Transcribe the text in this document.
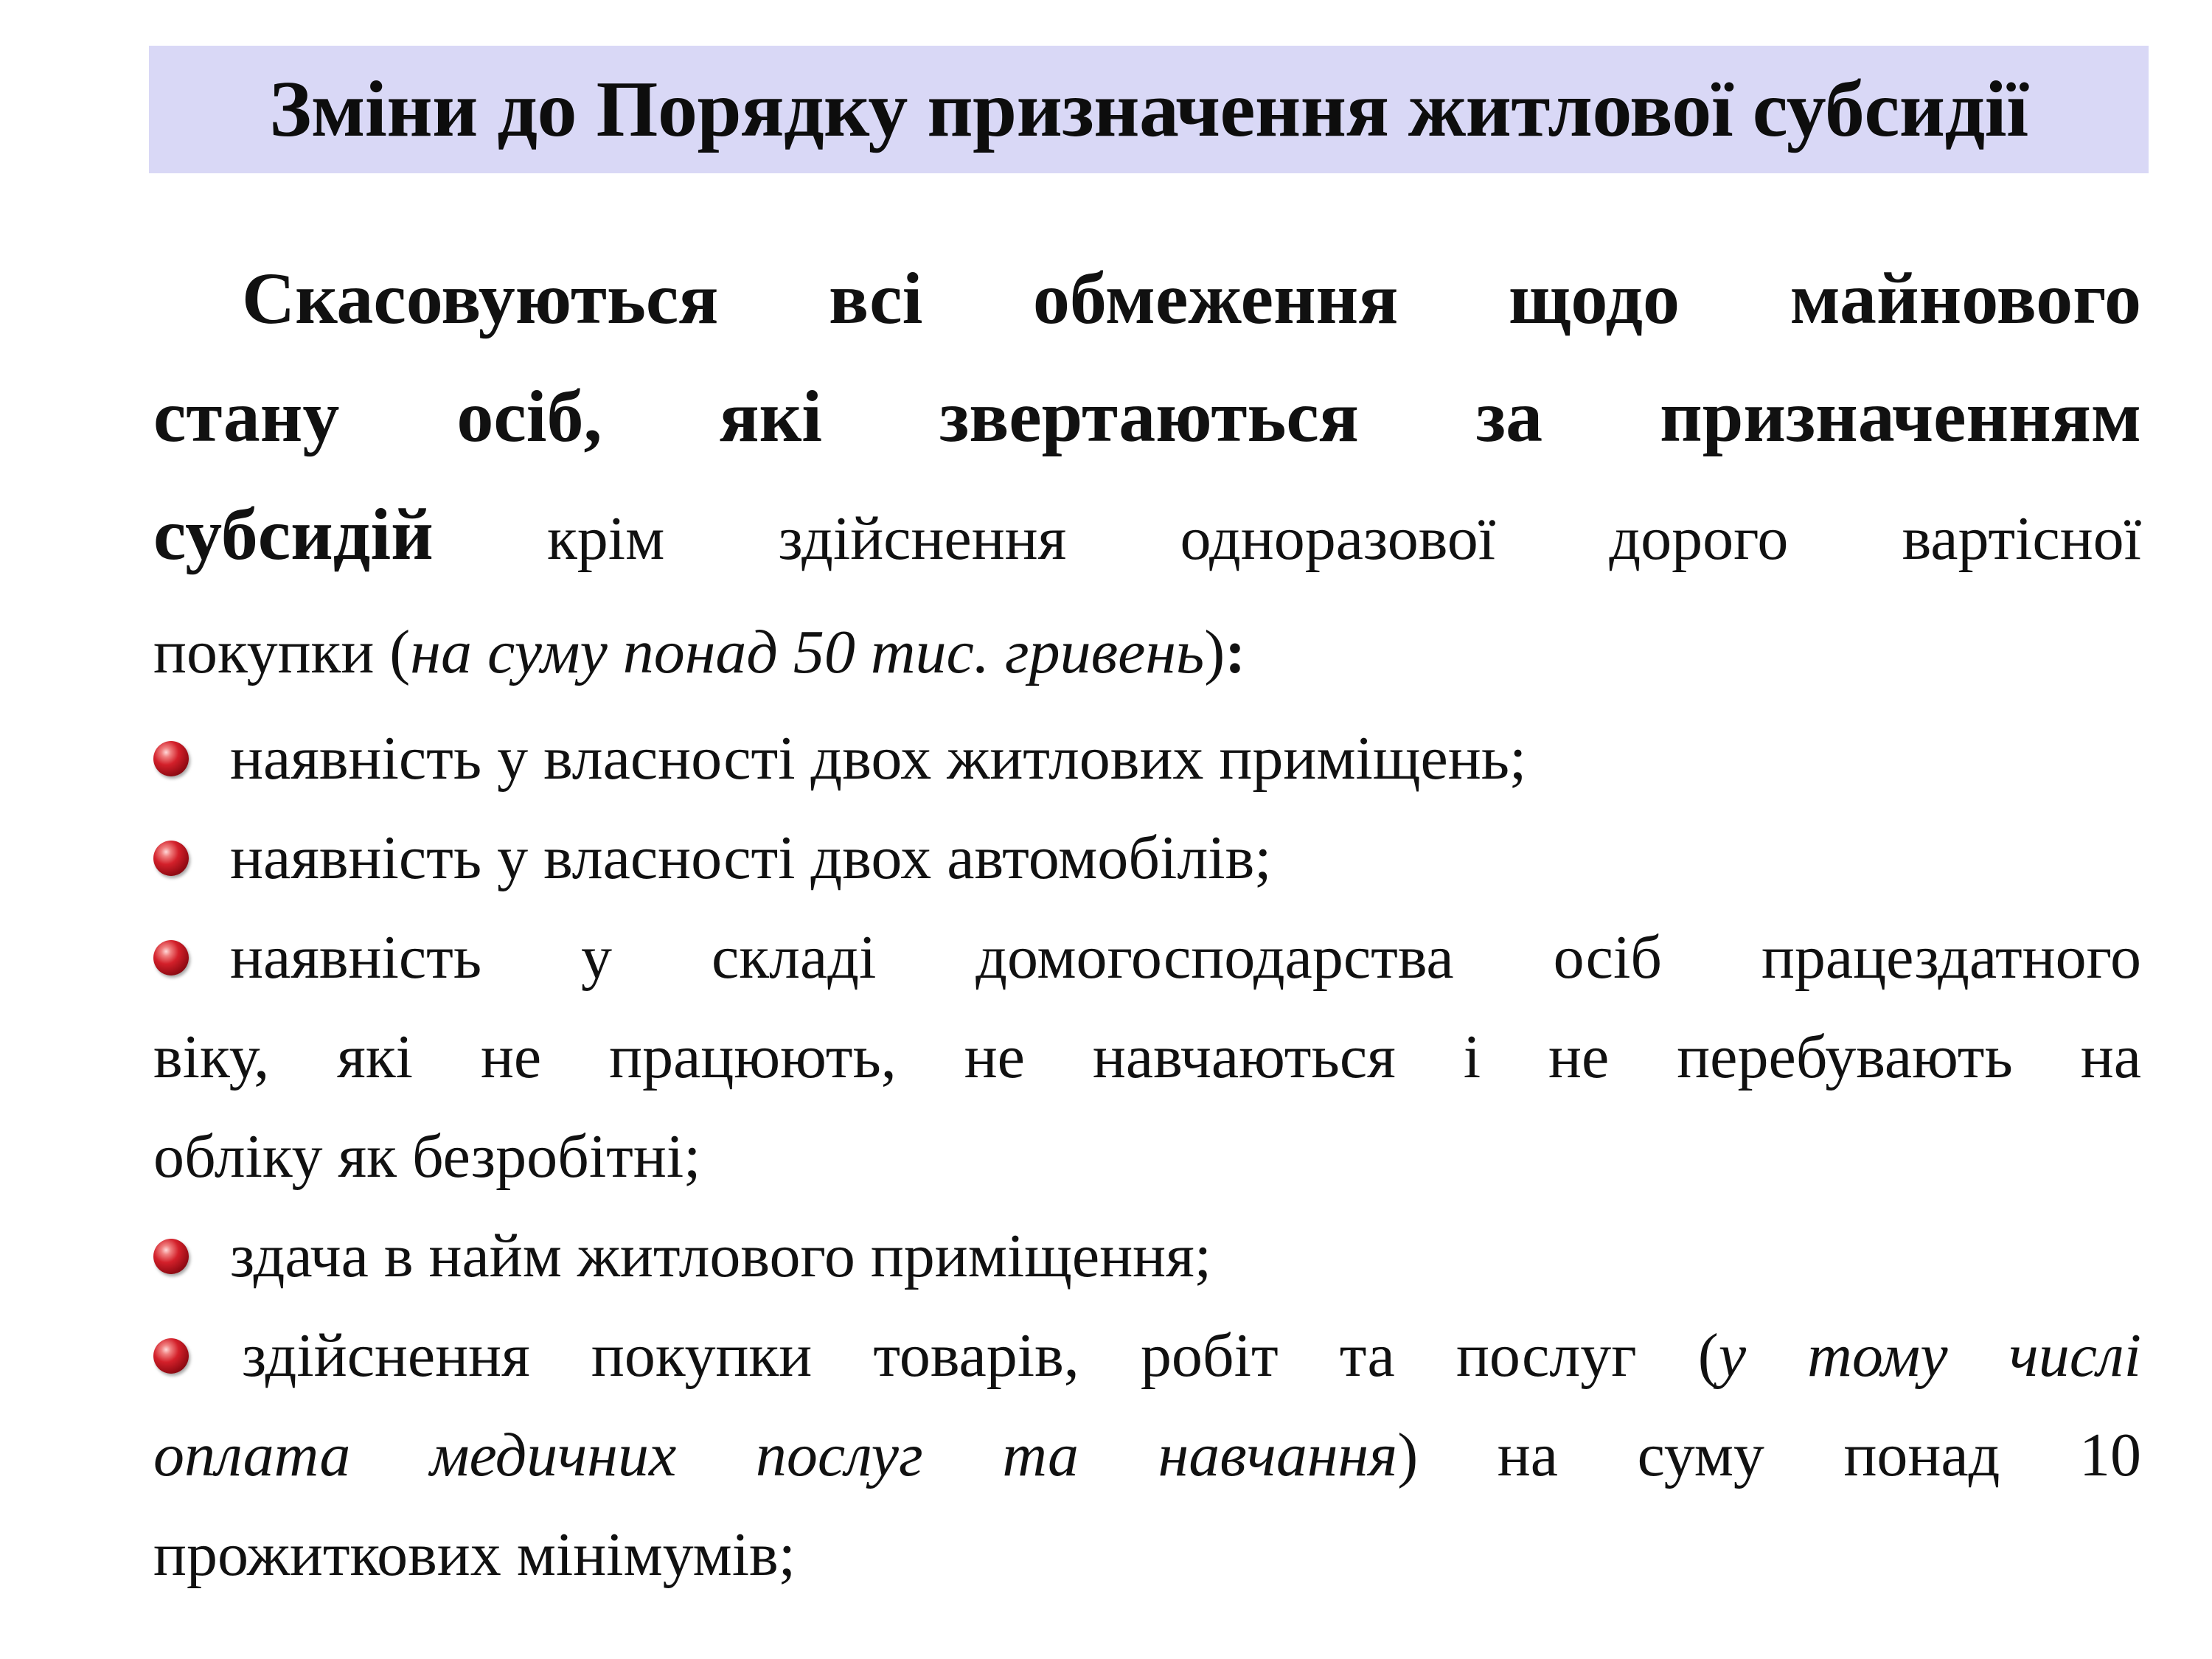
Зміни до Порядку призначення житлової субсидії
Скасовуються всі обмеження щодо майнового
стану осіб, які звертаються за призначенням
субсидій крім здійснення одноразової дорого вартісної
покупки (на суму понад 50 тис. гривень):
наявність у власності двох житлових приміщень;
наявність у власності двох автомобілів;
наявність у складі домогосподарства осіб працездатного
віку, які не працюють, не навчаються і не перебувають на
обліку як безробітні;
здача в найм житлового приміщення;
здійснення покупки товарів, робіт та послуг (у тому числі
оплата медичних послуг та навчання) на суму понад 10
прожиткових мінімумів;
